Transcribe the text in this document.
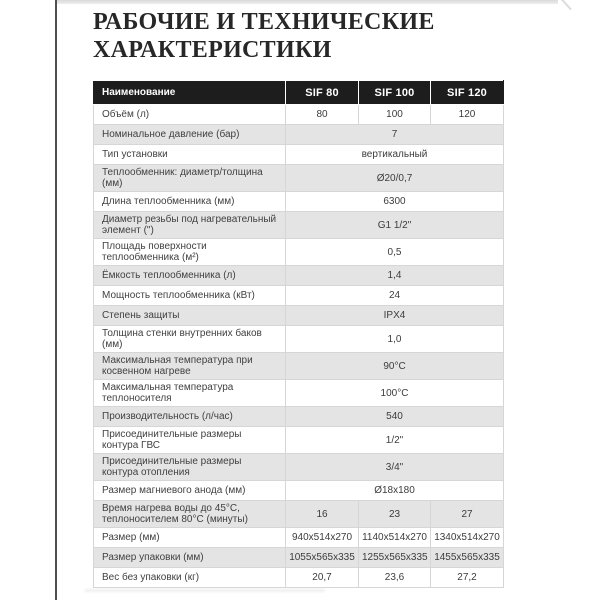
РАБОЧИЕ И ТЕХНИЧЕСКИЕ ХАРАКТЕРИСТИКИ
Наименование	SIF 80	SIF 100	SIF 120
Объём (л)	80	100	120
Номинальное давление (бар)	7		
Тип установки	вертикальный		
Теплообменник: диаметр/толщина (мм)	Ø20/0,7		
Длина теплообменника (мм)	6300		
Диаметр резьбы под нагревательный элемент (")	G1 1/2"		
Площадь поверхности теплообменника (м²)	0,5		
Ёмкость теплообменника (л)	1,4		
Мощность теплообменника (кВт)	24		
Степень защиты	IPX4		
Толщина стенки внутренних баков (мм)	1,0		
Максимальная температура при косвенном нагреве	90°C		
Максимальная температура теплоносителя	100°C		
Производительность (л/час)	540		
Присоединительные размеры контура ГВС	1/2"		
Присоединительные размеры контура отопления	3/4"		
Размер магниевого анода (мм)	Ø18x180		
Время нагрева воды до 45°C, теплоносителем 80°C (минуты)	16	23	27
Размер (мм)	940x514x270	1140x514x270	1340x514x270
Размер упаковки (мм)	1055x565x335	1255x565x335	1455x565x335
Вес без упаковки (кг)	20,7	23,6	27,2
